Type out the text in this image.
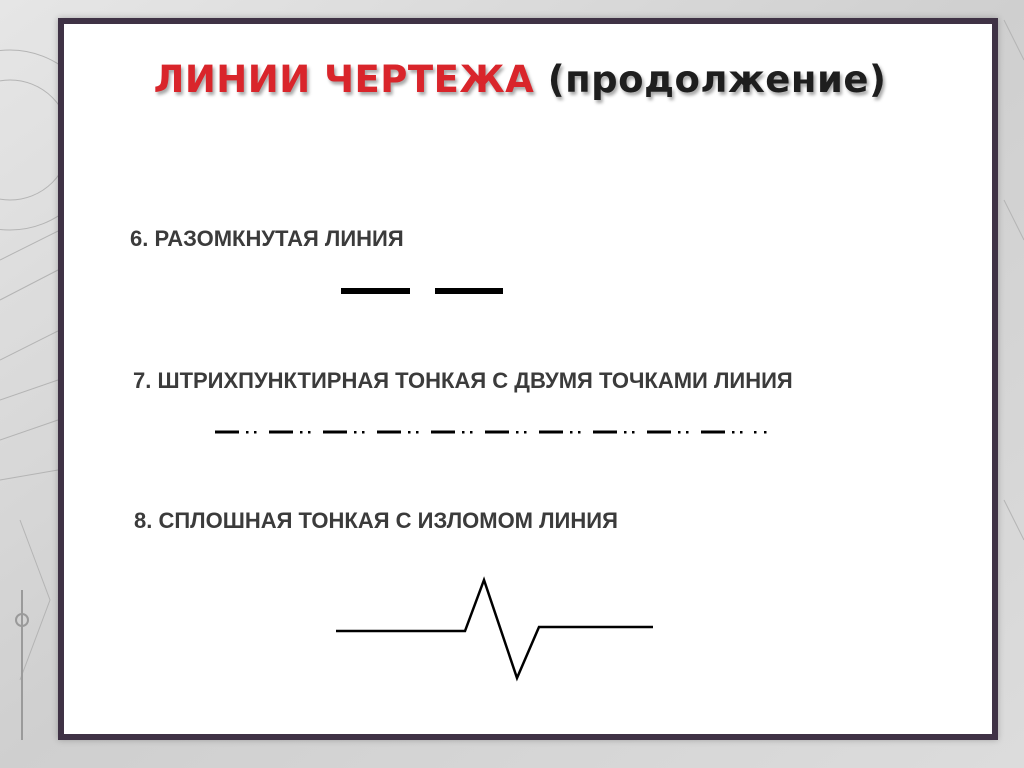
ЛИНИИ ЧЕРТЕЖА (продолжение)

6. РАЗОМКНУТАЯ ЛИНИЯ

7. ШТРИХПУНКТИРНАЯ ТОНКАЯ С ДВУМЯ ТОЧКАМИ ЛИНИЯ

8. СПЛОШНАЯ ТОНКАЯ С ИЗЛОМОМ ЛИНИЯ
